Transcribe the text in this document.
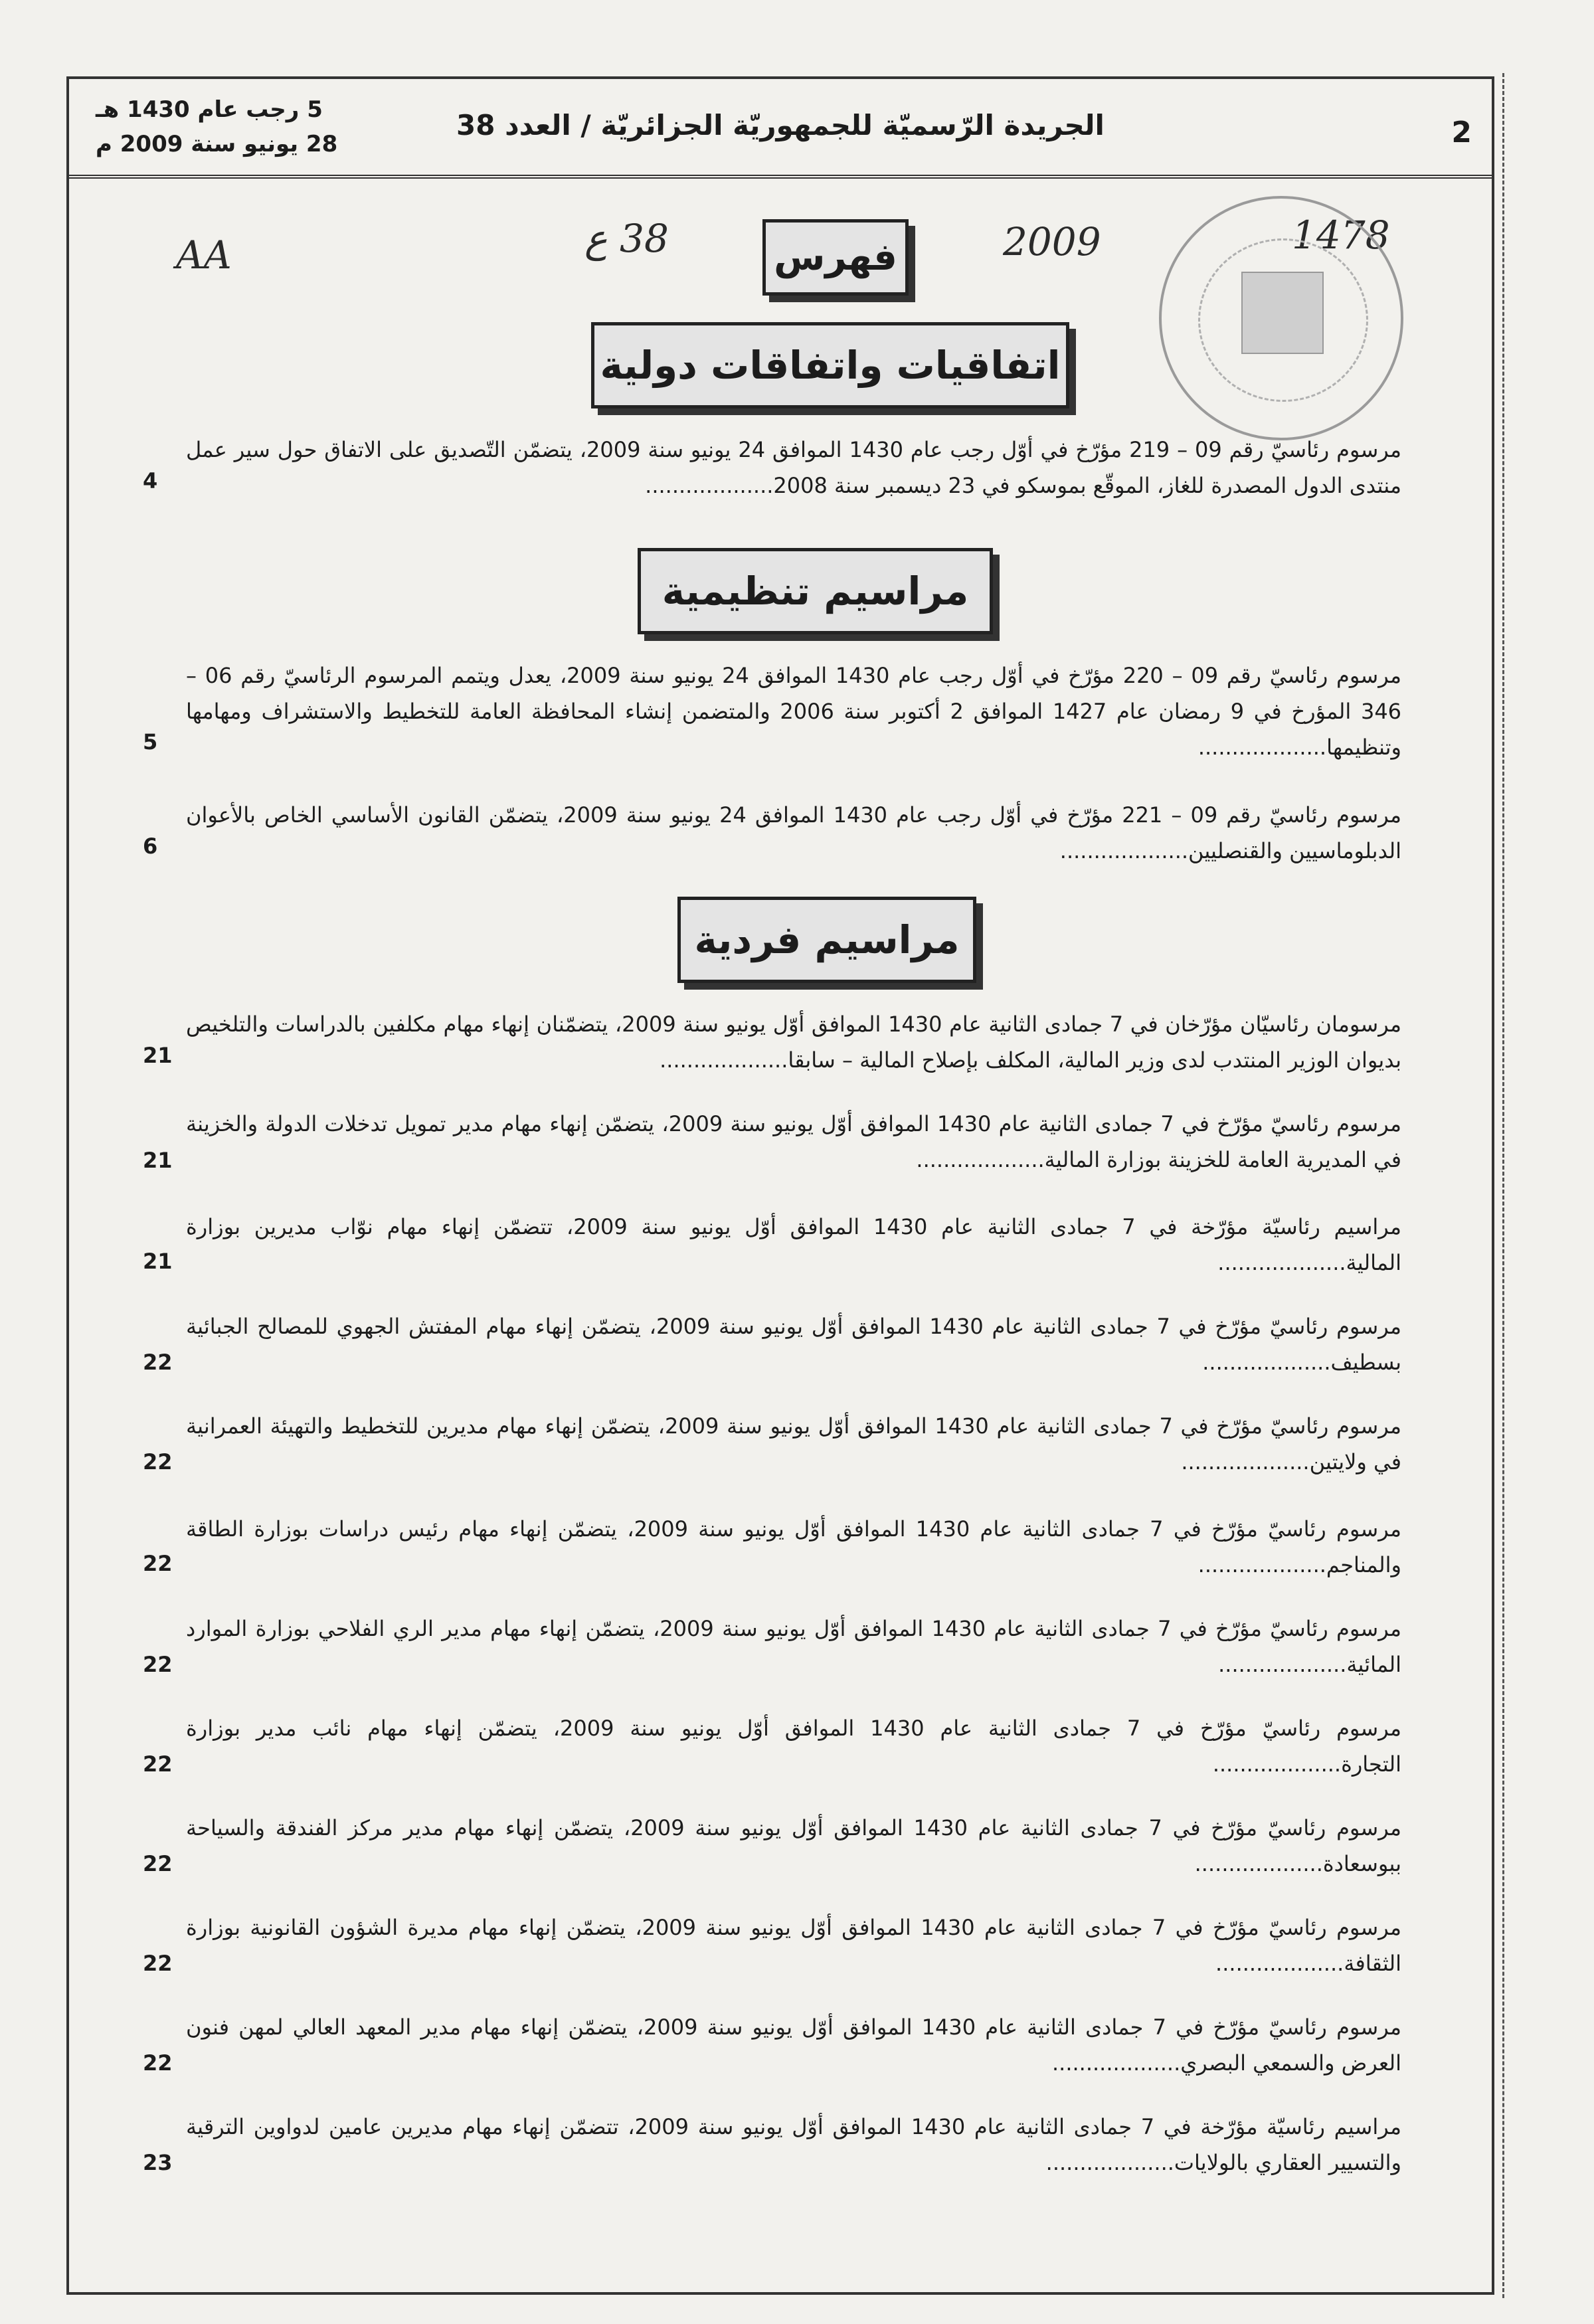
2
الجريدة الرّسميّة للجمهوريّة الجزائريّة / العدد 38
5 رجب عام 1430 هـ
28 يونيو سنة 2009 م
AA	38 ع	2009	1478
فهرس
اتفاقيات واتفاقات دولية
مرسوم رئاسيّ رقم 09 – 219 مؤرّخ في أوّل رجب عام 1430 الموافق 24 يونيو سنة 2009، يتضمّن التّصديق على الاتفاق حول سير عمل منتدى الدول المصدرة للغاز، الموقّع بموسكو في 23 ديسمبر سنة 2008...................
4
مراسيم تنظيمية
مرسوم رئاسيّ رقم 09 – 220 مؤرّخ في أوّل رجب عام 1430 الموافق 24 يونيو سنة 2009، يعدل ويتمم المرسوم الرئاسيّ رقم 06 – 346 المؤرخ في 9 رمضان عام 1427 الموافق 2 أكتوبر سنة 2006 والمتضمن إنشاء المحافظة العامة للتخطيط والاستشراف ومهامها وتنظيمها...................
5
مرسوم رئاسيّ رقم 09 – 221 مؤرّخ في أوّل رجب عام 1430 الموافق 24 يونيو سنة 2009، يتضمّن القانون الأساسي الخاص بالأعوان الدبلوماسيين والقنصليين...................
6
مراسيم فردية
مرسومان رئاسيّان مؤرّخان في 7 جمادى الثانية عام 1430 الموافق أوّل يونيو سنة 2009، يتضمّنان إنهاء مهام مكلفين بالدراسات والتلخيص بديوان الوزير المنتدب لدى وزير المالية، المكلف بإصلاح المالية – سابقا...................
21
مرسوم رئاسيّ مؤرّخ في 7 جمادى الثانية عام 1430 الموافق أوّل يونيو سنة 2009، يتضمّن إنهاء مهام مدير تمويل تدخلات الدولة والخزينة في المديرية العامة للخزينة بوزارة المالية...................
21
مراسيم رئاسيّة مؤرّخة في 7 جمادى الثانية عام 1430 الموافق أوّل يونيو سنة 2009، تتضمّن إنهاء مهام نوّاب مديرين بوزارة المالية...................
21
مرسوم رئاسيّ مؤرّخ في 7 جمادى الثانية عام 1430 الموافق أوّل يونيو سنة 2009، يتضمّن إنهاء مهام المفتش الجهوي للمصالح الجبائية بسطيف...................
22
مرسوم رئاسيّ مؤرّخ في 7 جمادى الثانية عام 1430 الموافق أوّل يونيو سنة 2009، يتضمّن إنهاء مهام مديرين للتخطيط والتهيئة العمرانية في ولايتين...................
22
مرسوم رئاسيّ مؤرّخ في 7 جمادى الثانية عام 1430 الموافق أوّل يونيو سنة 2009، يتضمّن إنهاء مهام رئيس دراسات بوزارة الطاقة والمناجم...................
22
مرسوم رئاسيّ مؤرّخ في 7 جمادى الثانية عام 1430 الموافق أوّل يونيو سنة 2009، يتضمّن إنهاء مهام مدير الري الفلاحي بوزارة الموارد المائية...................
22
مرسوم رئاسيّ مؤرّخ في 7 جمادى الثانية عام 1430 الموافق أوّل يونيو سنة 2009، يتضمّن إنهاء مهام نائب مدير بوزارة التجارة...................
22
مرسوم رئاسيّ مؤرّخ في 7 جمادى الثانية عام 1430 الموافق أوّل يونيو سنة 2009، يتضمّن إنهاء مهام مدير مركز الفندقة والسياحة ببوسعادة...................
22
مرسوم رئاسيّ مؤرّخ في 7 جمادى الثانية عام 1430 الموافق أوّل يونيو سنة 2009، يتضمّن إنهاء مهام مديرة الشؤون القانونية بوزارة الثقافة...................
22
مرسوم رئاسيّ مؤرّخ في 7 جمادى الثانية عام 1430 الموافق أوّل يونيو سنة 2009، يتضمّن إنهاء مهام مدير المعهد العالي لمهن فنون العرض والسمعي البصري...................
22
مراسيم رئاسيّة مؤرّخة في 7 جمادى الثانية عام 1430 الموافق أوّل يونيو سنة 2009، تتضمّن إنهاء مهام مديرين عامين لدواوين الترقية والتسيير العقاري بالولايات...................
23
